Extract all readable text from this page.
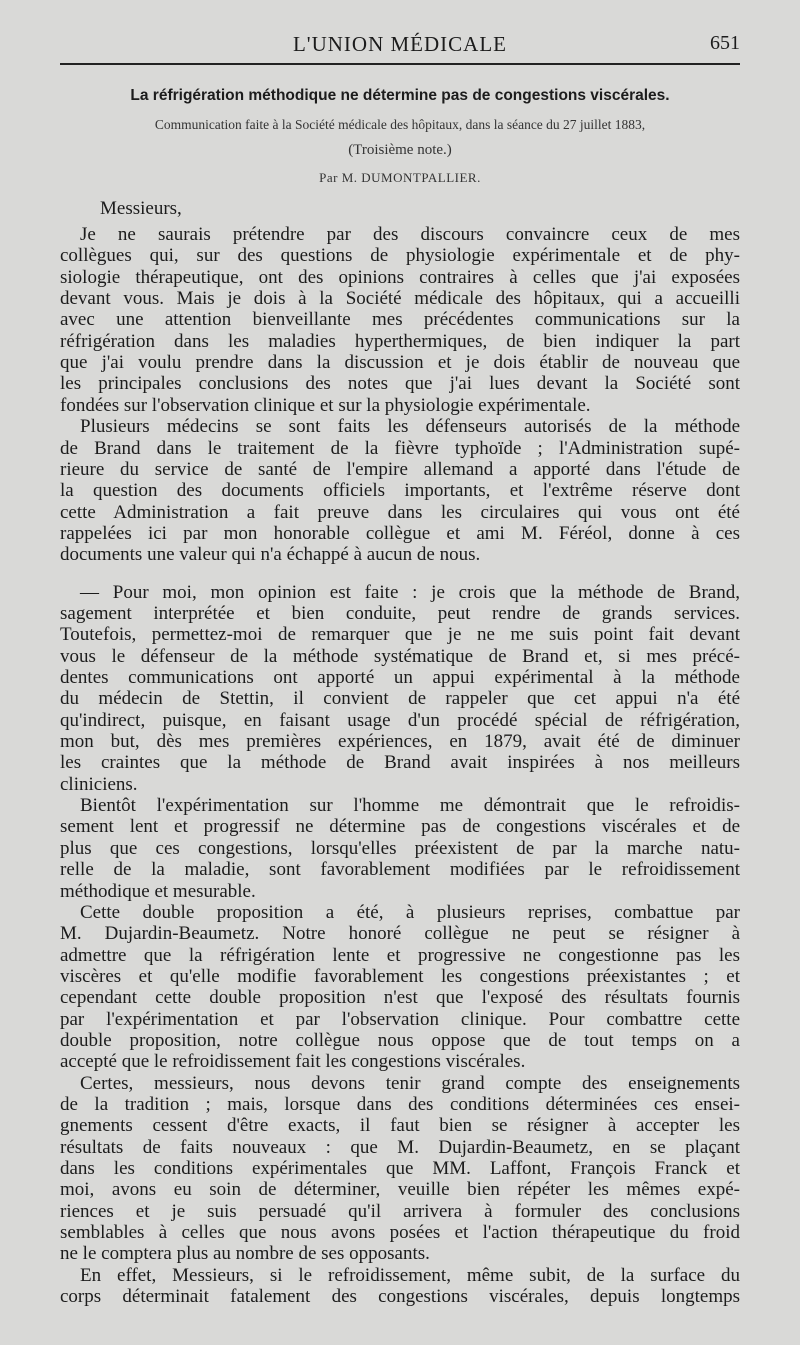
L'UNION MÉDICALE	651
La réfrigération méthodique ne détermine pas de congestions viscérales.
Communication faite à la Société médicale des hôpitaux, dans la séance du 27 juillet 1883,
(Troisième note.)
Par M. DUMONTPALLIER.
Messieurs,
Je ne saurais prétendre par des discours convaincre ceux de mes
collègues qui, sur des questions de physiologie expérimentale et de phy-
siologie thérapeutique, ont des opinions contraires à celles que j'ai exposées
devant vous. Mais je dois à la Société médicale des hôpitaux, qui a accueilli
avec une attention bienveillante mes précédentes communications sur la
réfrigération dans les maladies hyperthermiques, de bien indiquer la part
que j'ai voulu prendre dans la discussion et je dois établir de nouveau que
les principales conclusions des notes que j'ai lues devant la Société sont
fondées sur l'observation clinique et sur la physiologie expérimentale.
Plusieurs médecins se sont faits les défenseurs autorisés de la méthode
de Brand dans le traitement de la fièvre typhoïde ; l'Administration supé-
rieure du service de santé de l'empire allemand a apporté dans l'étude de
la question des documents officiels importants, et l'extrême réserve dont
cette Administration a fait preuve dans les circulaires qui vous ont été
rappelées ici par mon honorable collègue et ami M. Féréol, donne à ces
documents une valeur qui n'a échappé à aucun de nous.
— Pour moi, mon opinion est faite : je crois que la méthode de Brand,
sagement interprétée et bien conduite, peut rendre de grands services.
Toutefois, permettez-moi de remarquer que je ne me suis point fait devant
vous le défenseur de la méthode systématique de Brand et, si mes précé-
dentes communications ont apporté un appui expérimental à la méthode
du médecin de Stettin, il convient de rappeler que cet appui n'a été
qu'indirect, puisque, en faisant usage d'un procédé spécial de réfrigération,
mon but, dès mes premières expériences, en 1879, avait été de diminuer
les craintes que la méthode de Brand avait inspirées à nos meilleurs
cliniciens.
Bientôt l'expérimentation sur l'homme me démontrait que le refroidis-
sement lent et progressif ne détermine pas de congestions viscérales et de
plus que ces congestions, lorsqu'elles préexistent de par la marche natu-
relle de la maladie, sont favorablement modifiées par le refroidissement
méthodique et mesurable.
Cette double proposition a été, à plusieurs reprises, combattue par
M. Dujardin-Beaumetz. Notre honoré collègue ne peut se résigner à
admettre que la réfrigération lente et progressive ne congestionne pas les
viscères et qu'elle modifie favorablement les congestions préexistantes ; et
cependant cette double proposition n'est que l'exposé des résultats fournis
par l'expérimentation et par l'observation clinique. Pour combattre cette
double proposition, notre collègue nous oppose que de tout temps on a
accepté que le refroidissement fait les congestions viscérales.
Certes, messieurs, nous devons tenir grand compte des enseignements
de la tradition ; mais, lorsque dans des conditions déterminées ces ensei-
gnements cessent d'être exacts, il faut bien se résigner à accepter les
résultats de faits nouveaux : que M. Dujardin-Beaumetz, en se plaçant
dans les conditions expérimentales que MM. Laffont, François Franck et
moi, avons eu soin de déterminer, veuille bien répéter les mêmes expé-
riences et je suis persuadé qu'il arrivera à formuler des conclusions
semblables à celles que nous avons posées et l'action thérapeutique du froid
ne le comptera plus au nombre de ses opposants.
En effet, Messieurs, si le refroidissement, même subit, de la surface du
corps déterminait fatalement des congestions viscérales, depuis longtemps
